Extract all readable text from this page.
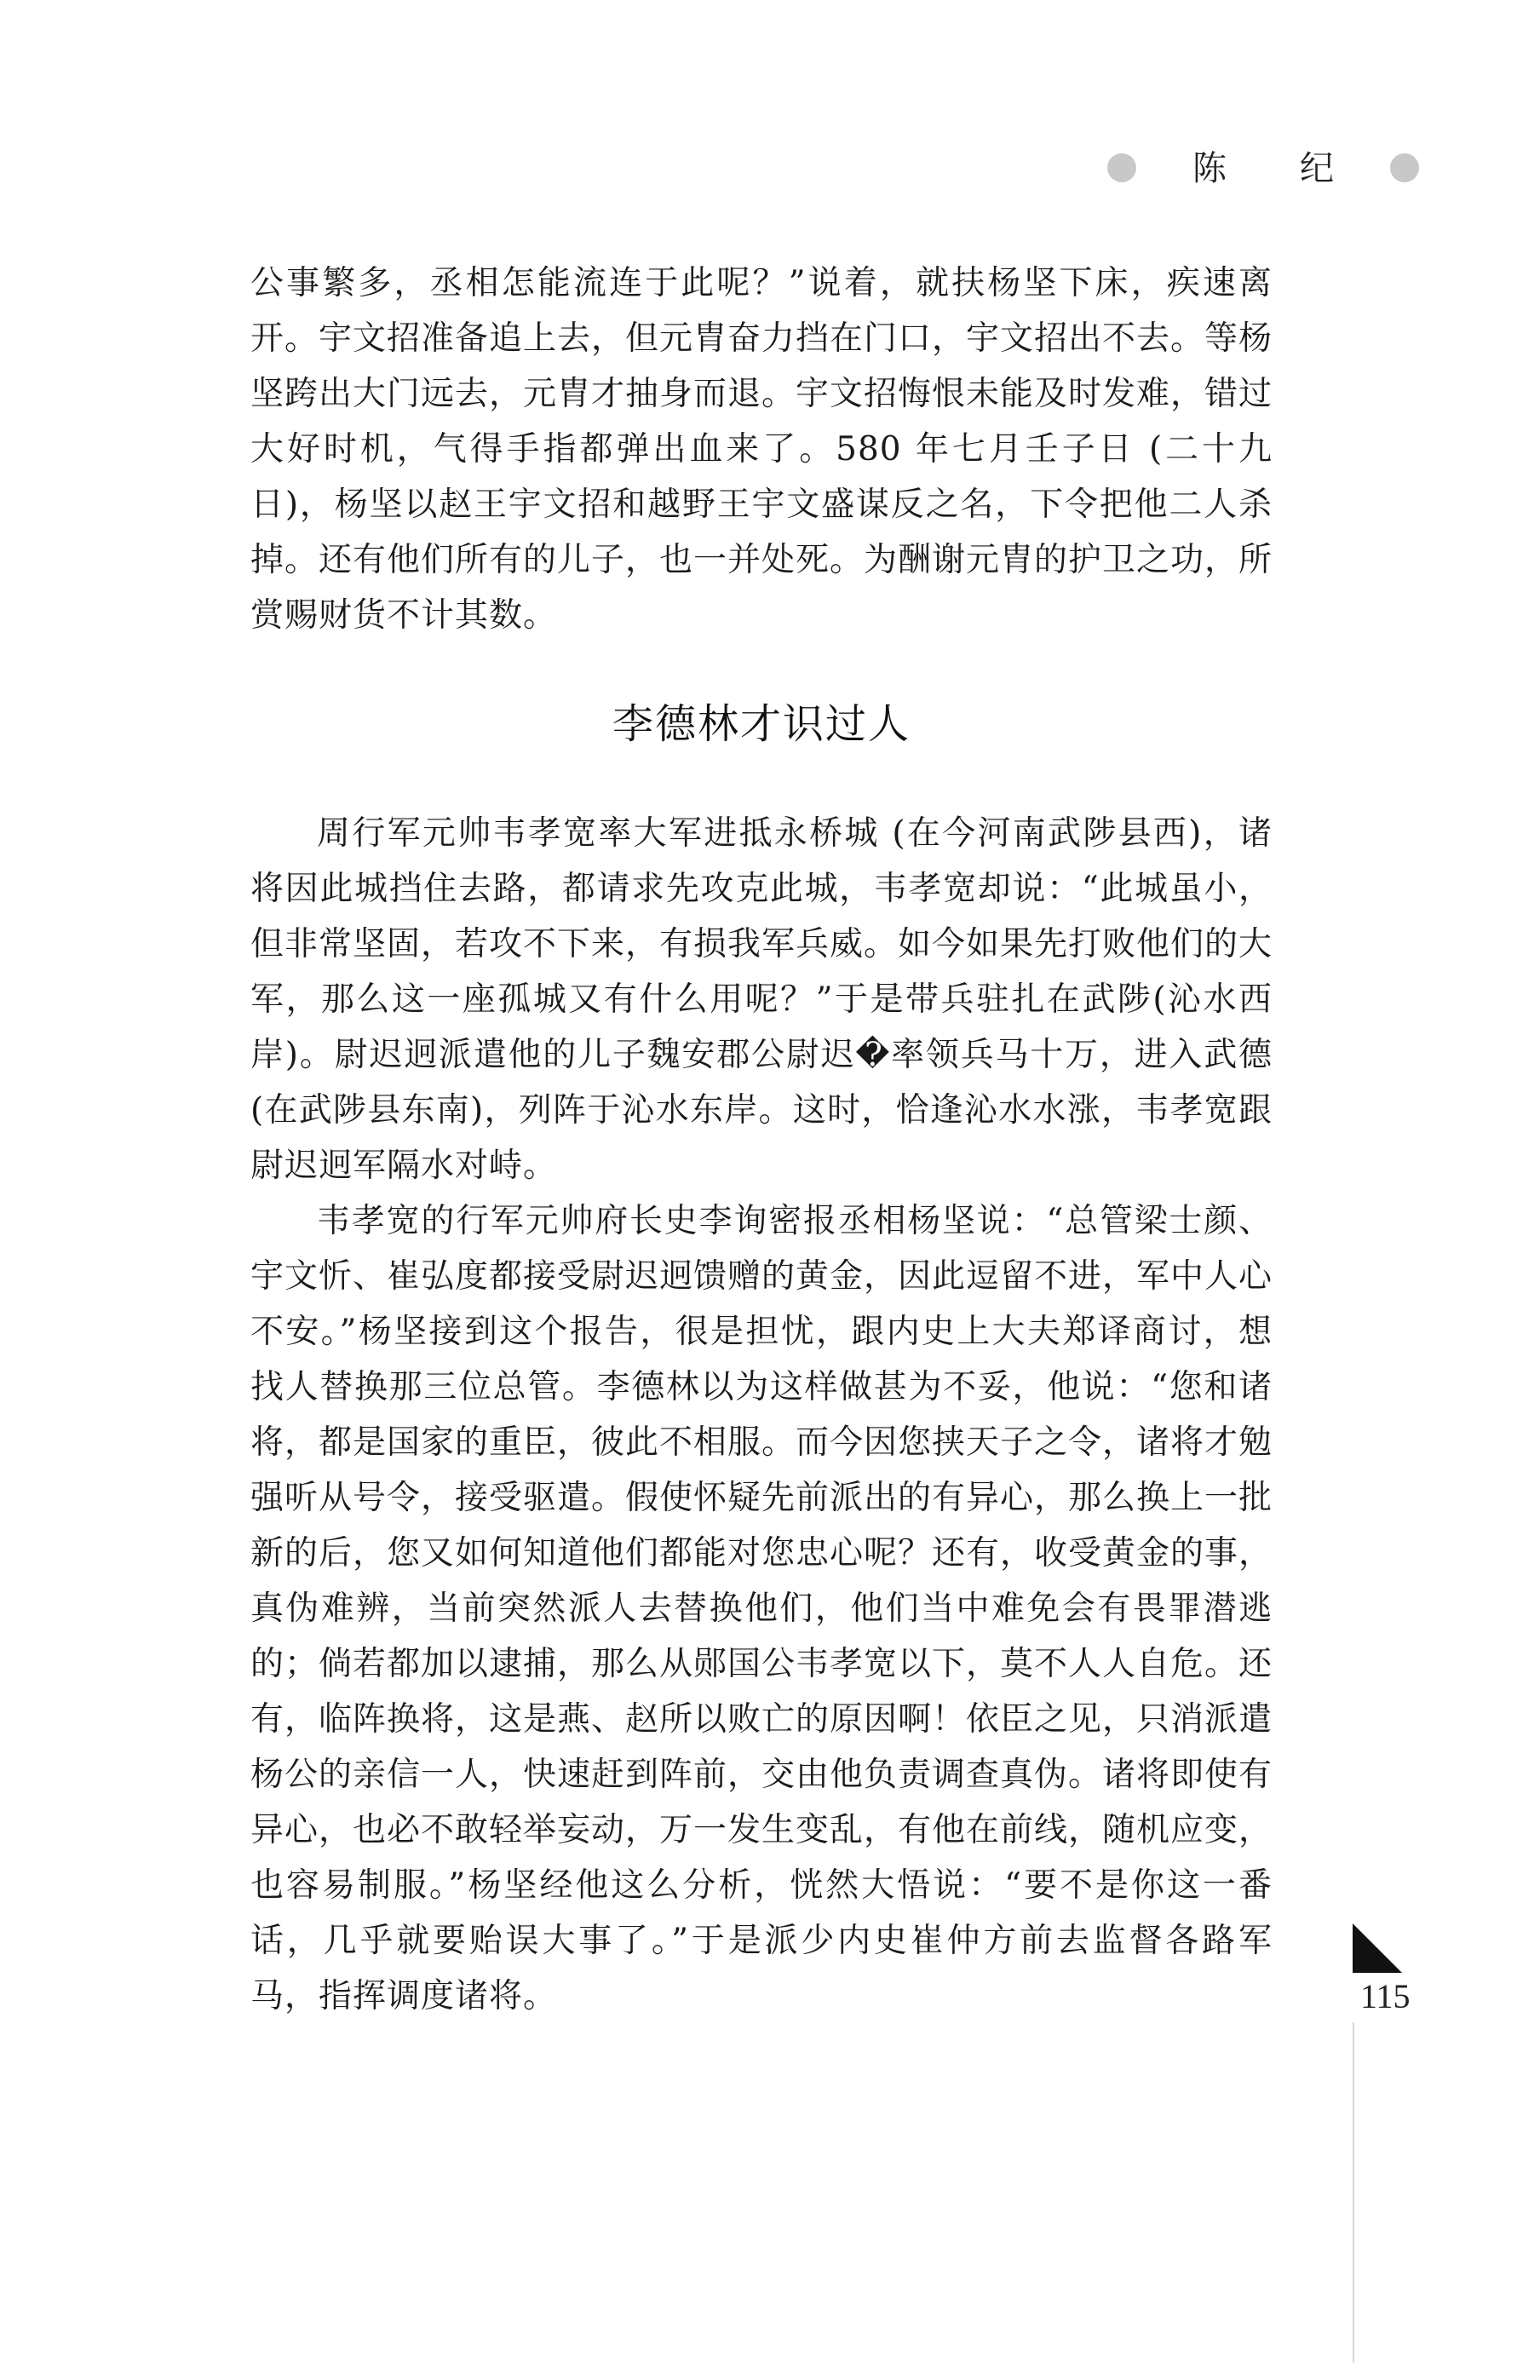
陈 纪

公事繁多，丞相怎能流连于此呢？”说着，就扶杨坚下床，疾速离开。宇文招准备追上去，但元胄奋力挡在门口，宇文招出不去。等杨坚跨出大门远去，元胄才抽身而退。宇文招悔恨未能及时发难，错过大好时机，气得手指都弹出血来了。580 年七月壬子日 (二十九日)，杨坚以赵王宇文招和越野王宇文盛谋反之名，下令把他二人杀掉。还有他们所有的儿子，也一并处死。为酬谢元胄的护卫之功，所赏赐财货不计其数。

李德林才识过人

周行军元帅韦孝宽率大军进抵永桥城 (在今河南武陟县西)，诸将因此城挡住去路，都请求先攻克此城，韦孝宽却说：“此城虽小，但非常坚固，若攻不下来，有损我军兵威。如今如果先打败他们的大军，那么这一座孤城又有什么用呢？”于是带兵驻扎在武陟(沁水西岸)。尉迟迥派遣他的儿子魏安郡公尉迟�率领兵马十万，进入武德 (在武陟县东南)，列阵于沁水东岸。这时，恰逢沁水水涨，韦孝宽跟尉迟迥军隔水对峙。

韦孝宽的行军元帅府长史李询密报丞相杨坚说：“总管梁士颜、宇文忻、崔弘度都接受尉迟迥馈赠的黄金，因此逗留不进，军中人心不安。”杨坚接到这个报告，很是担忧，跟内史上大夫郑译商讨，想找人替换那三位总管。李德林以为这样做甚为不妥，他说：“您和诸将，都是国家的重臣，彼此不相服。而今因您挟天子之令，诸将才勉强听从号令，接受驱遣。假使怀疑先前派出的有异心，那么换上一批新的后，您又如何知道他们都能对您忠心呢？还有，收受黄金的事，真伪难辨，当前突然派人去替换他们，他们当中难免会有畏罪潜逃的；倘若都加以逮捕，那么从郧国公韦孝宽以下，莫不人人自危。还有，临阵换将，这是燕、赵所以败亡的原因啊！依臣之见，只消派遣杨公的亲信一人，快速赶到阵前，交由他负责调查真伪。诸将即使有异心，也必不敢轻举妄动，万一发生变乱，有他在前线，随机应变，也容易制服。”杨坚经他这么分析，恍然大悟说：“要不是你这一番话，几乎就要贻误大事了。”于是派少内史崔仲方前去监督各路军马，指挥调度诸将。	115
